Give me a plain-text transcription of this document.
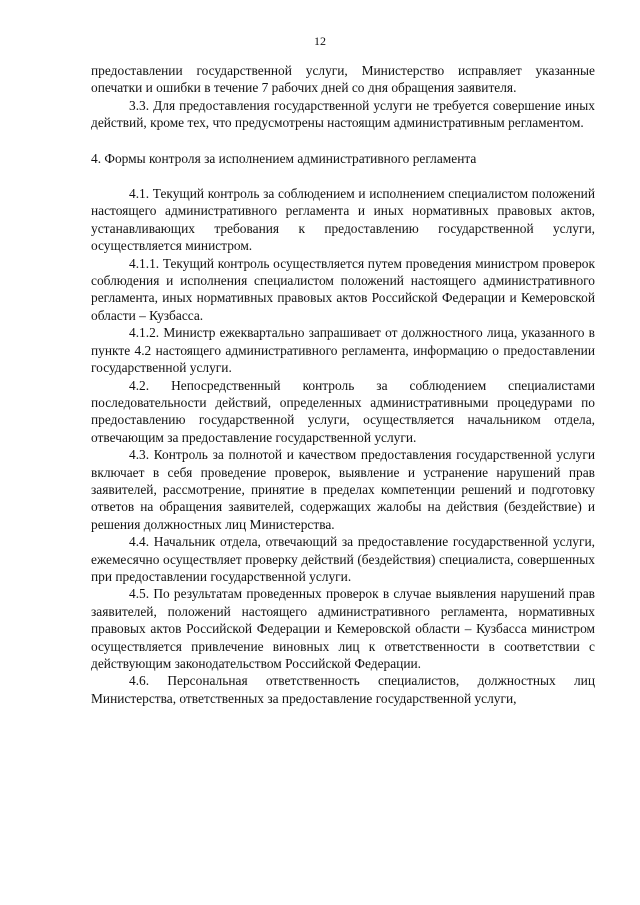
12

предоставлении государственной услуги, Министерство исправляет указанные опечатки и ошибки в течение 7 рабочих дней со дня обращения заявителя.

3.3. Для предоставления государственной услуги не требуется совершение иных действий, кроме тех, что предусмотрены настоящим административным регламентом.

4. Формы контроля за исполнением административного регламента

4.1. Текущий контроль за соблюдением и исполнением специалистом положений настоящего административного регламента и иных нормативных правовых актов, устанавливающих требования к предоставлению государственной услуги, осуществляется министром.

4.1.1. Текущий контроль осуществляется путем проведения министром проверок соблюдения и исполнения специалистом положений настоящего административного регламента, иных нормативных правовых актов Российской Федерации и Кемеровской области – Кузбасса.

4.1.2. Министр ежеквартально запрашивает от должностного лица, указанного в пункте 4.2 настоящего административного регламента, информацию о предоставлении государственной услуги.

4.2. Непосредственный контроль за соблюдением специалистами последовательности действий, определенных административными процедурами по предоставлению государственной услуги, осуществляется начальником отдела, отвечающим за предоставление государственной услуги.

4.3. Контроль за полнотой и качеством предоставления государственной услуги включает в себя проведение проверок, выявление и устранение нарушений прав заявителей, рассмотрение, принятие в пределах компетенции решений и подготовку ответов на обращения заявителей, содержащих жалобы на действия (бездействие) и решения должностных лиц Министерства.

4.4. Начальник отдела, отвечающий за предоставление государственной услуги, ежемесячно осуществляет проверку действий (бездействия) специалиста, совершенных при предоставлении государственной услуги.

4.5. По результатам проведенных проверок в случае выявления нарушений прав заявителей, положений настоящего административного регламента, нормативных правовых актов Российской Федерации и Кемеровской области – Кузбасса министром осуществляется привлечение виновных лиц к ответственности в соответствии с действующим законодательством Российской Федерации.

4.6. Персональная ответственность специалистов, должностных лиц Министерства, ответственных за предоставление государственной услуги,
